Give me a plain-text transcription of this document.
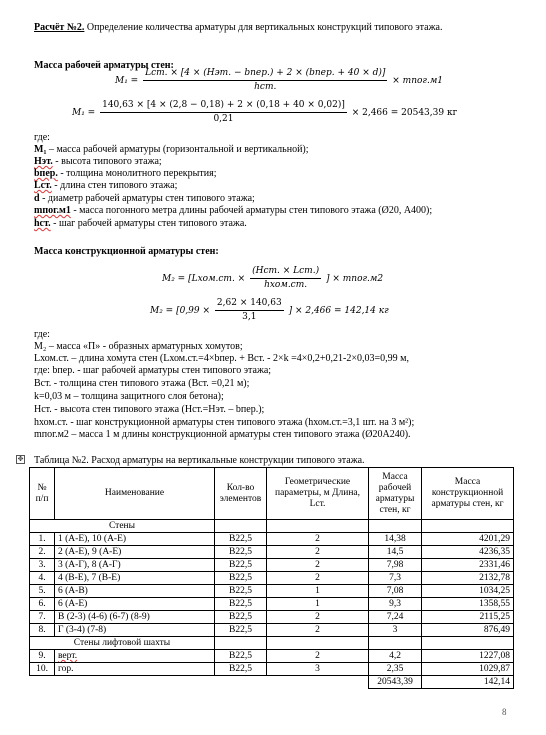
Расчёт №2. Определение количества арматуры для вертикальных конструкций типового этажа.
Масса рабочей арматуры стен:
$M_1 = \frac{\text{Lст. × [4 × (Hэт. − bпер.) + 2 × (bпер. + 40 × d)]}}{\text{hст.}}$ × mпог.м1
$M_1 = \frac{140,63 \times [4 \times (2,8 - 0,18) + 2 \times (0,18 + 40 \times 0,02)]}{0,21} \times 2,466 = 20543,39$ кг
где:
M₁ – масса рабочей арматуры (горизонтальной и вертикальной);
Hэт. - высота типового этажа;
bпер. - толщина монолитного перекрытия;
Lст. - длина стен типового этажа;
d - диаметр рабочей арматуры стен типового этажа;
mпог.м1 - масса погонного метра длины рабочей арматуры стен типового этажа (Ø20, А400);
hст. - шаг рабочей арматуры стен типового этажа.
Масса конструкционной арматуры стен:
M₂ = [Lхом.ст. × $\frac{\text{(Hст. × Lст.)}}{\text{hхом.ст.}}$ ] × mпог.м2
$M_2 = [0,99 \times \frac{2,62 \times 140,63}{3,1}$ ] × 2,466 = 142,14 кг
где:
M₂ – масса «П» - образных арматурных хомутов;
Lхом.ст. – длина хомута стен (Lхом.ст.=4×bпер. + Вст. - 2×k =4×0,2+0,21-2×0,03=0,99 м,
где: bпер. - шаг рабочей арматуры стен типового этажа;
Вст. - толщина стен типового этажа (Вст. =0,21 м);
k=0,03 м – толщина защитного слоя бетона);
Hст. - высота стен типового этажа (Hст.=Hэт. – bпер.);
hхом.ст. - шаг конструкционной арматуры стен типового этажа (hхом.ст.=3,1 шт. на 3 м²);
mпог.м2 – масса 1 м длины конструкционной арматуры стен типового этажа (Ø20А240).
✥ Таблица №2. Расход арматуры на вертикальные конструкции типового этажа.
№ п/п	Наименование	Кол-во элементов	Геометрические параметры, м Длина, Lст.	Масса рабочей арматуры стен, кг	Масса конструкционной арматуры стен, кг
Стены					
1.	1 (А-Е), 10 (А-Е)	В22,5	2	14,38	4201,29
2.	2 (А-Е), 9 (А-Е)	В22,5	2	14,5	4236,35
3.	3 (А-Г), 8 (А-Г)	В22,5	2	7,98	2331,46
4.	4 (В-Е), 7 (В-Е)	В22,5	2	7,3	2132,78
5.	6 (А-В)	В22,5	1	7,08	1034,25
6.	6 (А-Е)	В22,5	1	9,3	1358,55
7.	В (2-3) (4-6) (6-7) (8-9)	В22,5	2	7,24	2115,25
8.	Г (3-4) (7-8)	В22,5	2	3	876,49
Стены лифтовой шахты					
9.	верт.	В22,5	2	4,2	1227,08
10.	гор.	В22,5	3	2,35	1029,87
				20543,39	142,14
8
